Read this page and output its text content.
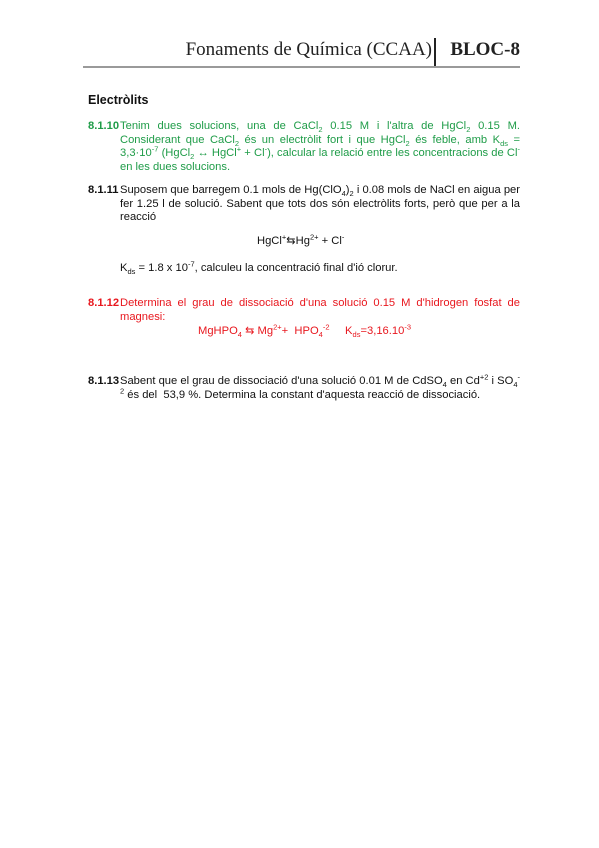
Fonaments de Química (CCAA) BLOC-8
Electròlits
8.1.10 Tenim dues solucions, una de CaCl$_2$ 0.15 M i l'altra de HgCl$_2$ 0.15 M. Considerant que CaCl$_2$ és un electròlit fort i que HgCl$_2$ és feble, amb $K_{ds} = 3,3\cdot 10^{-7}$ (HgCl$_2$ ↔ HgCl+ + Cl-), calcular la relació entre les concentracions de Cl- en les dues solucions.
8.1.11 Suposem que barregem 0.1 mols de $Hg(ClO_4)_2$ i 0.08 mols de NaCl en aigua per fer 1.25 l de solució. Sabent que tots dos són electròlits forts, però que per a la reacció
$HgCl^+⇆Hg^{2+} + Cl^-$
$K_{ds} = 1.8$ x $10^{-7}$, calculeu la concentració final d'ió clorur.
8.1.12 Determina el grau de dissociació d'una solució 0.15 M d'hidrogen fosfat de magnesi:
MgHPO$_4$ ⇆ $Mg^{2+}+ HPO_4^{-2}$     $K_{ds}=3,16.10^{-3}$
8.1.13 Sabent que el grau de dissociació d'una solució 0.01 M de CdSO$_4$ en $Cd^{+2}$ i $SO_4^{-2}$ és del  53,9 %. Determina la constant d'aquesta reacció de dissociació.
